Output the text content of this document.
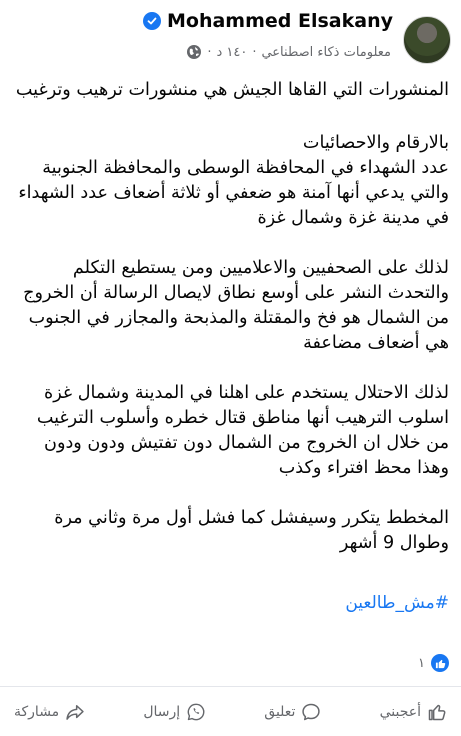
Mohammed Elsakany
معلومات ذكاء اصطناعي
·
١٤٠ د
·

المنشورات التي القاها الجيش هي منشورات ترهيب وترغيب

بالارقام والاحصائيات
عدد الشهداء في المحافظة الوسطى والمحافظة الجنوبية والتي يدعي أنها آمنة هو ضعفي أو ثلاثة أضعاف عدد الشهداء في مدينة غزة وشمال غزة

لذلك على الصحفيين والاعلاميين ومن يستطيع التكلم والتحدث النشر على أوسع نطاق لايصال الرسالة أن الخروج من الشمال هو فخ والمقتلة والمذبحة والمجازر في الجنوب هي أضعاف مضاعفة

لذلك الاحتلال يستخدم على اهلنا في المدينة وشمال غزة اسلوب الترهيب أنها مناطق قتال خطره وأسلوب الترغيب من خلال ان الخروج من الشمال دون تفتيش ودون ودون وهذا محظ افتراء وكذب

المخطط يتكرر وسيفشل كما فشل أول مرة وثاني مرة وطوال 9 أشهر

#مش_طالعين
١
أعجبني
تعليق
إرسال
مشاركة
